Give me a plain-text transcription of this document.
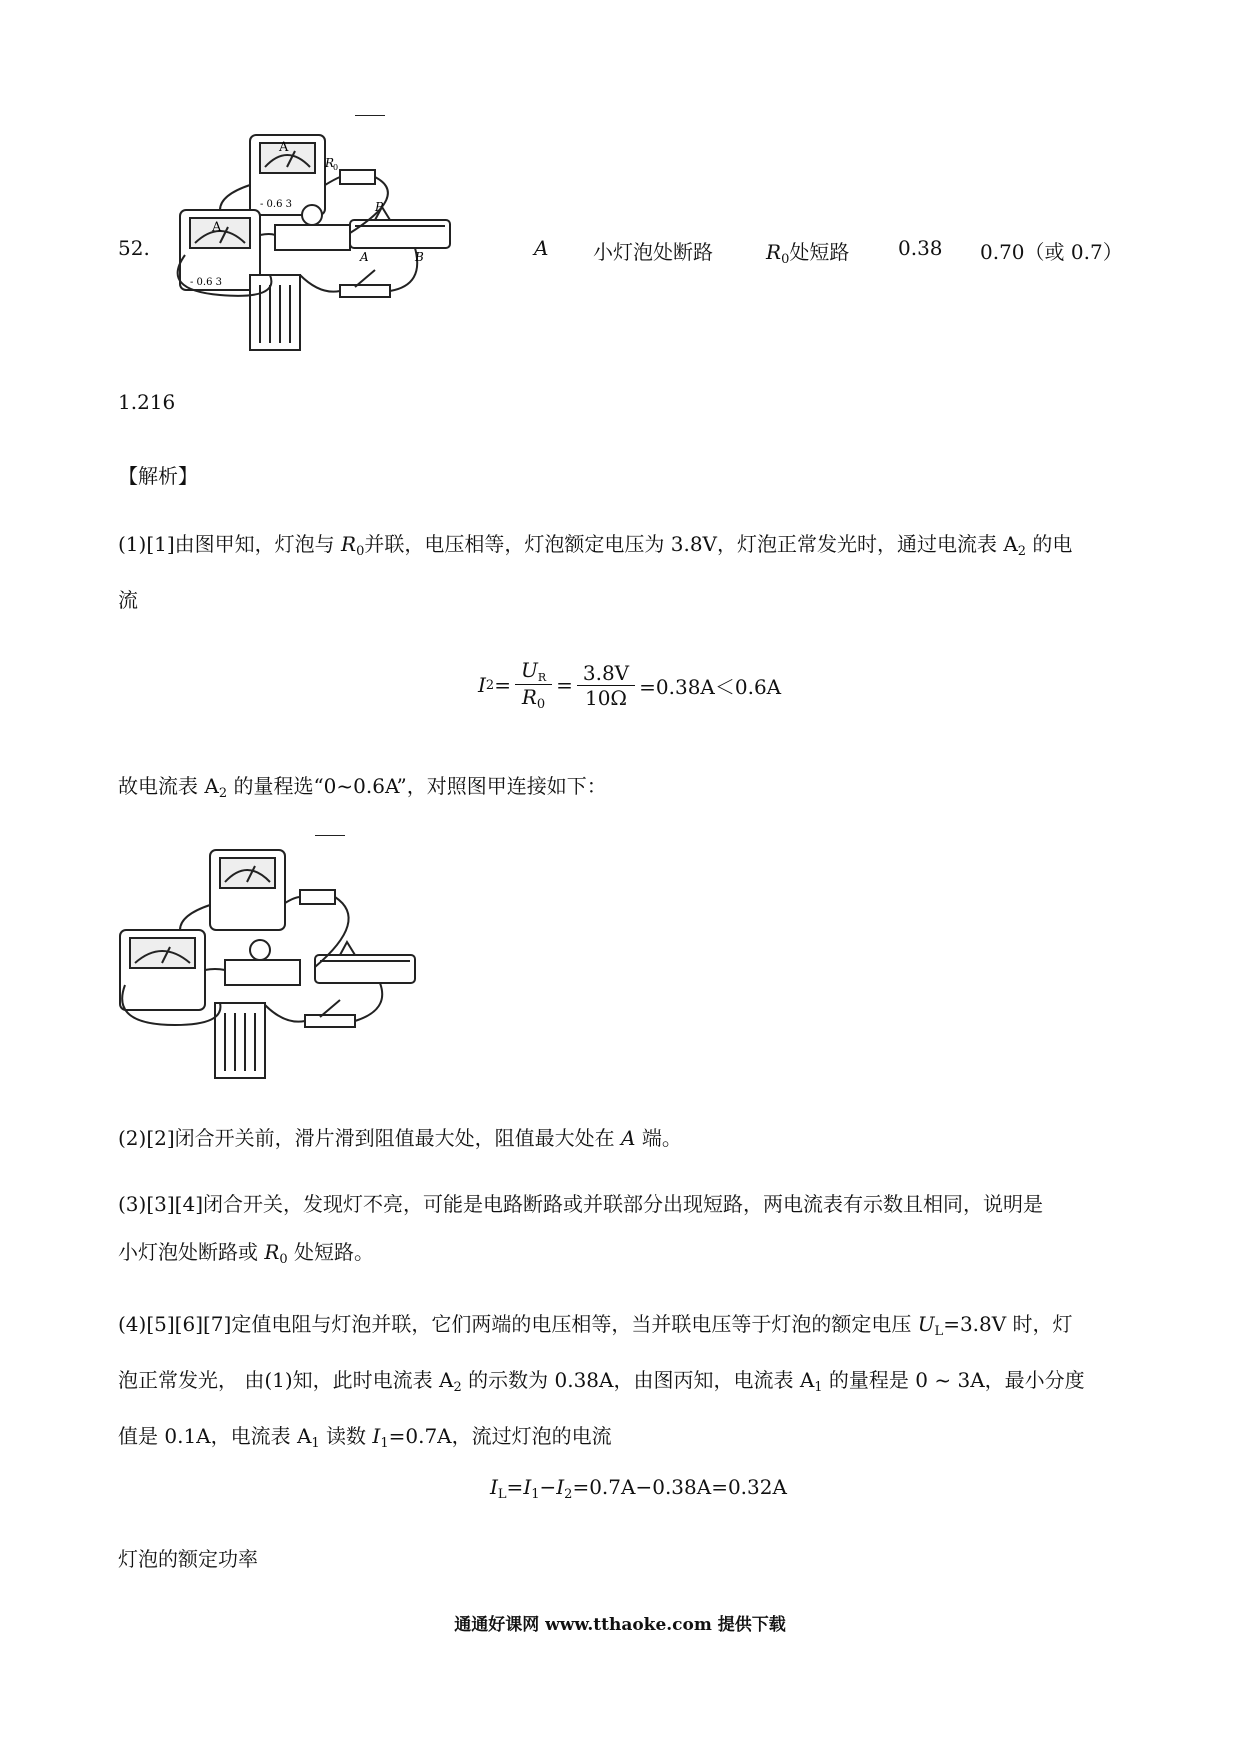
A
A
R
0
P
A	B
- 0.6 3
- 0.6 3
52.	A 小灯泡处断路	$R_0$处短路 0.38 0.70（或 0.7）
1.216
【解析】
(1)[1]由图甲知，灯泡与 $R_0$并联，电压相等，灯泡额定电压为 3.8V，灯泡正常发光时，通过电流表 $A_2$ 的电
流
I $2 = \frac{U_R}{R_0} = \frac{3.8V}{10\Omega} =0.38A<0.6A$
故电流表 $A_2$ 的量程选“0~0.6A”，对照图甲连接如下：
(2)[2]闭合开关前，滑片滑到阻值最大处，阻值最大处在 A 端。
(3)[3][4]闭合开关，发现灯不亮，可能是电路断路或并联部分出现短路，两电流表有示数且相同，说明是
小灯泡处断路或 $R_0$ 处短路。
(4)[5][6][7]定值电阻与灯泡并联，它们两端的电压相等，当并联电压等于灯泡的额定电压 $U_L=3.8V$ 时，灯
泡正常发光， 由(1)知，此时电流表 $A_2$ 的示数为 0.38A，由图丙知，电流表 $A_1$ 的量程是 0 ~ 3A，最小分度
值是 0.1A，电流表 $A_1$ 读数 $I_1=0.7A$，流过灯泡的电流
$I_L=I_1-I_2=0.7A-0.38A=0.32A$
灯泡的额定功率
通通好课网 www.tthaoke.com 提供下载
